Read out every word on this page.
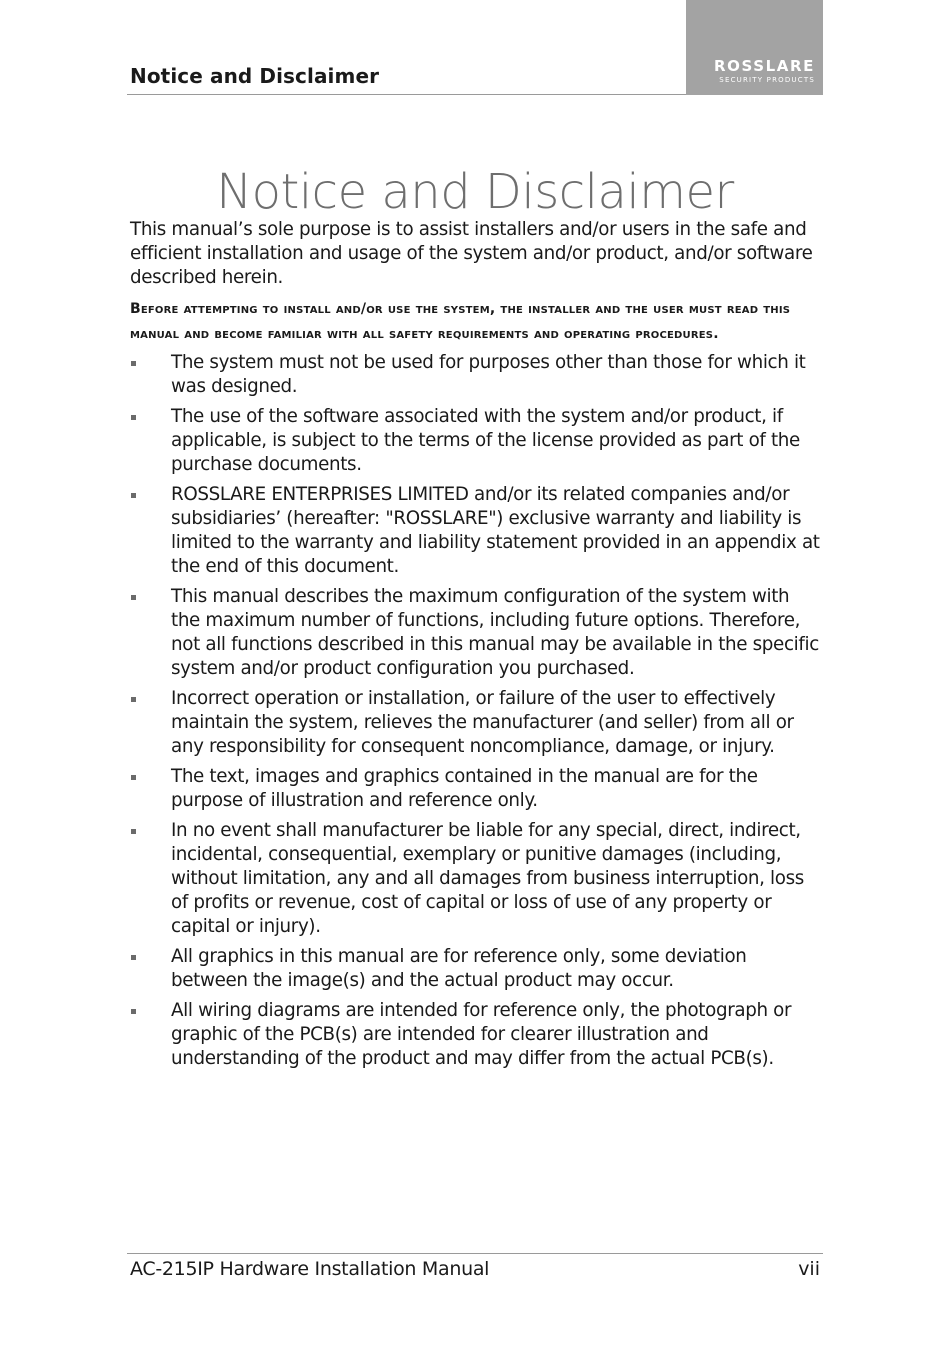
Notice and Disclaimer	ROSSLARE
SECURITY PRODUCTS
Notice and Disclaimer

This manual’s sole purpose is to assist installers and/or users in the safe and efficient installation and usage of the system and/or product, and/or software described herein.

Before attempting to install and/or use the system, the installer and the user must read this manual and become familiar with all safety requirements and operating procedures.

The system must not be used for purposes other than those for which it was designed.
The use of the software associated with the system and/or product, if applicable, is subject to the terms of the license provided as part of the purchase documents.
ROSSLARE ENTERPRISES LIMITED and/or its related companies and/or subsidiaries’ (hereafter: "ROSSLARE") exclusive warranty and liability is limited to the warranty and liability statement provided in an appendix at the end of this document.
This manual describes the maximum configuration of the system with the maximum number of functions, including future options. Therefore, not all functions described in this manual may be available in the specific system and/or product configuration you purchased.
Incorrect operation or installation, or failure of the user to effectively maintain the system, relieves the manufacturer (and seller) from all or any responsibility for consequent noncompliance, damage, or injury.
The text, images and graphics contained in the manual are for the purpose of illustration and reference only.
In no event shall manufacturer be liable for any special, direct, indirect, incidental, consequential, exemplary or punitive damages (including, without limitation, any and all damages from business interruption, loss of profits or revenue, cost of capital or loss of use of any property or capital or injury).
All graphics in this manual are for reference only, some deviation between the image(s) and the actual product may occur.
All wiring diagrams are intended for reference only, the photograph or graphic of the PCB(s) are intended for clearer illustration and understanding of the product and may differ from the actual PCB(s).
AC-215IP Hardware Installation Manual	vii
